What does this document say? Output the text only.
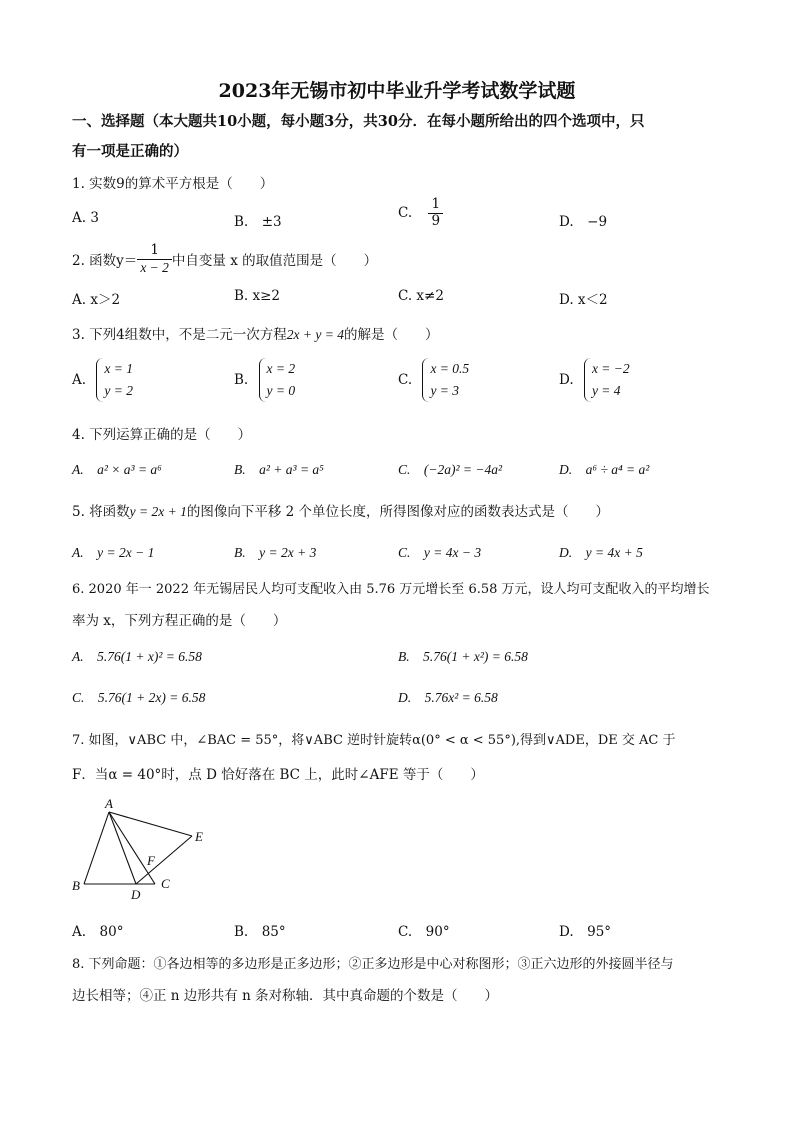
2023年无锡市初中毕业升学考试数学试题
一、选择题（本大题共10小题，每小题3分，共30分．在每小题所给出的四个选项中，只
有一项是正确的）
1. 实数9的算术平方根是（　　）
A. 3	B.　±3
C. $\frac{1}{9}$	D.　−9
2. 函数$y= \frac{1}{x - 2}$ 中自变量 x 的取值范围是（　　）
A. x＞2	B. x≥2	C. x≠2	D. x＜2
3. 下列4组数中，不是二元一次方程2x + y = 4的解是（　　）
A.
x = 1
y = 2
B.
x = 2
y = 0
C.
x = 0.5
y = 3
D.
x = −2
y = 4
4. 下列运算正确的是（　　）
A.　a² × a³ = a⁶	B.　a² + a³ = a⁵	C.　(−2a)² = −4a²	D.　a⁶ ÷ a⁴ = a²
5. 将函数y = 2x + 1的图像向下平移 2 个单位长度，所得图像对应的函数表达式是（　　）
A.　y = 2x − 1	B.　y = 2x + 3	C.　y = 4x − 3	D.　y = 4x + 5
6. 2020 年一 2022 年无锡居民人均可支配收入由 5.76 万元增长至 6.58 万元，设人均可支配收入的平均增长
率为 x，下列方程正确的是（　　）
A.　5.76(1 + x)² = 6.58	B.　5.76(1 + x²) = 6.58
C.　5.76(1 + 2x) = 6.58	D.　5.76x² = 6.58
7. 如图，∨ABC 中，∠BAC = 55°，将∨ABC 逆时针旋转α(0° < α < 55°),得到∨ADE，DE 交 AC 于
F．当α = 40°时，点 D 恰好落在 BC 上，此时∠AFE 等于（　　）
A
B	C
D
E
F
A.　80°	B.　85°	C.　90°	D.　95°
8. 下列命题：①各边相等的多边形是正多边形；②正多边形是中心对称图形；③正六边形的外接圆半径与
边长相等；④正 n 边形共有 n 条对称轴．其中真命题的个数是（　　）
